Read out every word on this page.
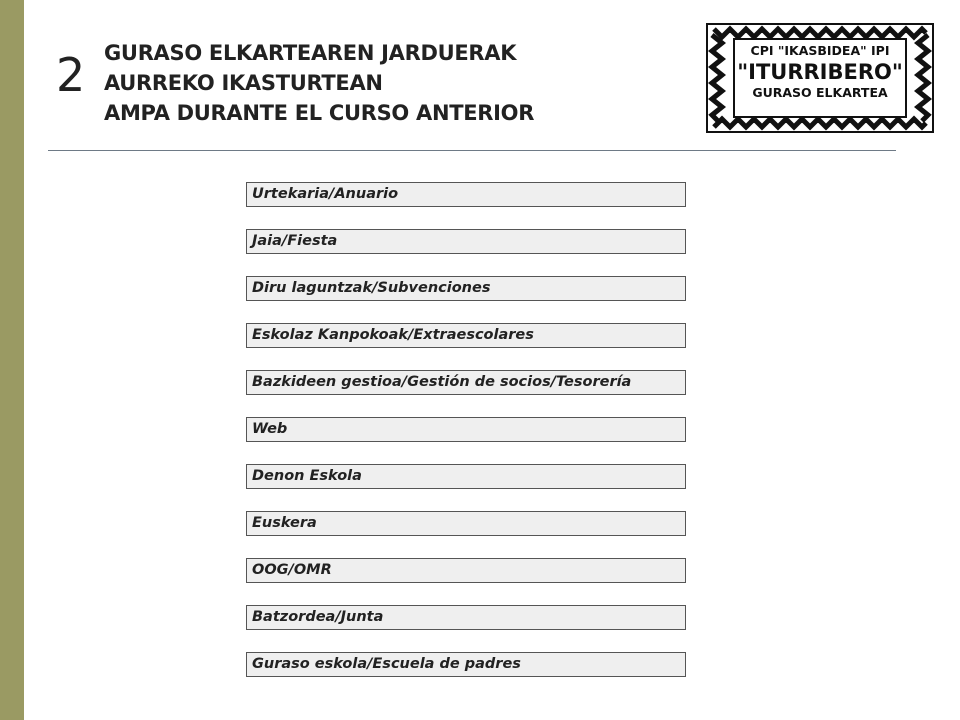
2 GURASO ELKARTEAREN JARDUERAK
AURREKO IKASTURTEAN
AMPA DURANTE EL CURSO ANTERIOR
CPI "IKASBIDEA" IPI
"ITURRIBERO"
GURASO ELKARTEA
Urtekaria/Anuario
Jaia/Fiesta
Diru laguntzak/Subvenciones
Eskolaz Kanpokoak/Extraescolares
Bazkideen gestioa/Gestión de socios/Tesorería
Web
Denon Eskola
Euskera
OOG/OMR
Batzordea/Junta
Guraso eskola/Escuela de padres
